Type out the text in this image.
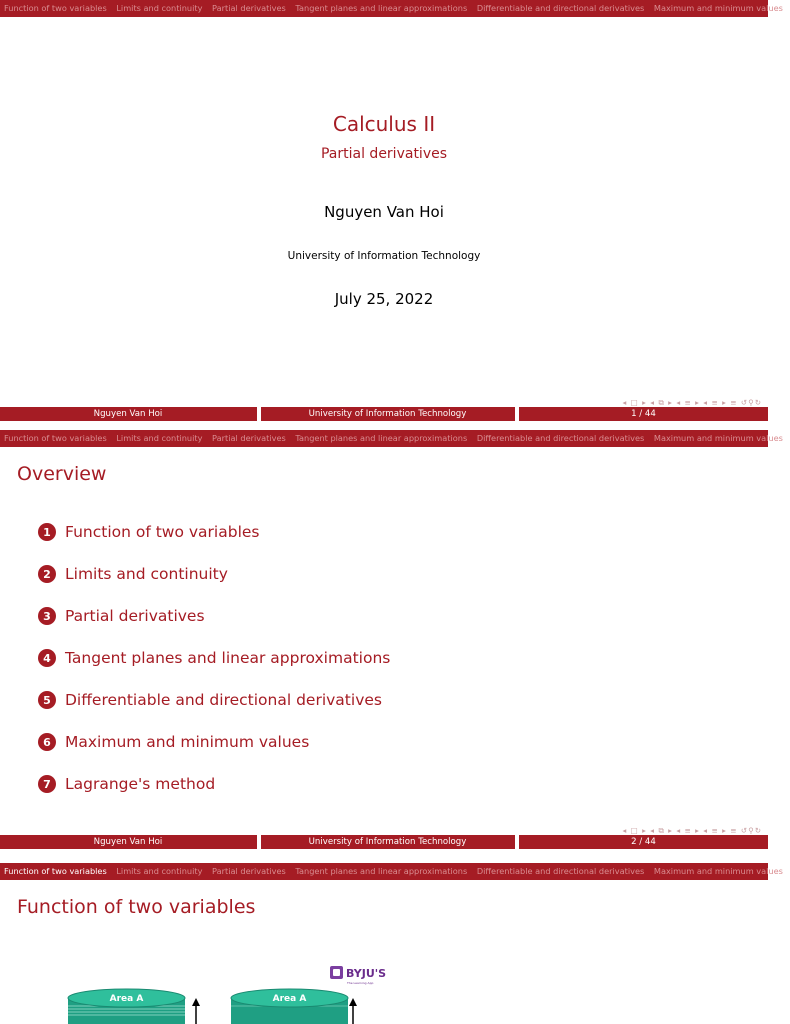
Function of two variables Limits and continuity Partial derivatives Tangent planes and linear approximations Differentiable and directional derivatives Maximum and minimum values
Calculus II
Partial derivatives
Nguyen Van Hoi
University of Information Technology
July 25, 2022
◂ □ ▸ ◂ ⧉ ▸ ◂ ≡ ▸ ◂ ≡ ▸ ≡ ↺⚲↻
Nguyen Van Hoi	University of Information Technology	1 / 44
Function of two variables Limits and continuity Partial derivatives Tangent planes and linear approximations Differentiable and directional derivatives Maximum and minimum values
Overview
1 Function of two variables
2 Limits and continuity
3 Partial derivatives
4 Tangent planes and linear approximations
5 Differentiable and directional derivatives
6 Maximum and minimum values
7 Lagrange's method
◂ □ ▸ ◂ ⧉ ▸ ◂ ≡ ▸ ◂ ≡ ▸ ≡ ↺⚲↻
Nguyen Van Hoi	University of Information Technology	2 / 44
Function of two variables Limits and continuity Partial derivatives Tangent planes and linear approximations Differentiable and directional derivatives Maximum and minimum values
Function of two variables
BYJU'S
The Learning App
Area A	Area A
